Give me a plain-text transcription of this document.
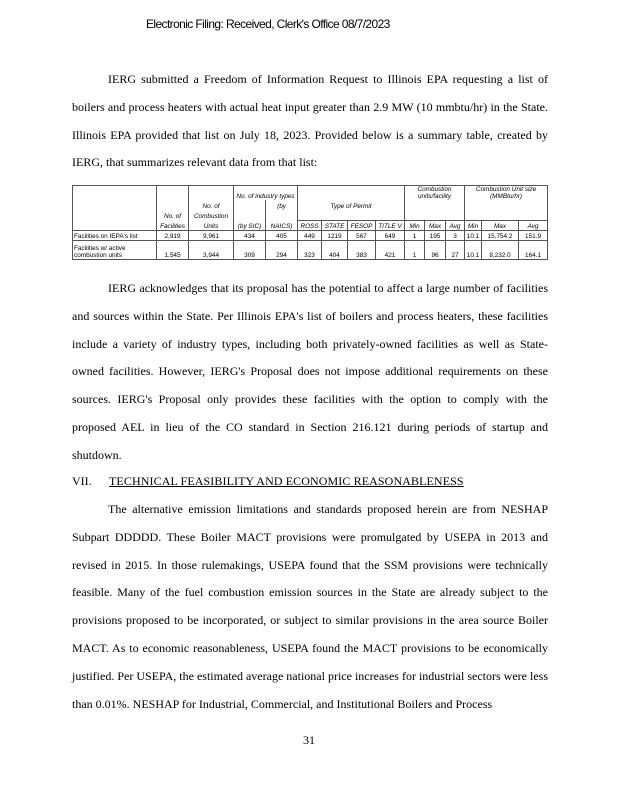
Electronic Filing: Received, Clerk's Office 08/7/2023

IERG submitted a Freedom of Information Request to Illinois EPA requesting a list of boilers and process heaters with actual heat input greater than 2.9 MW (10 mmbtu/hr) in the State. Illinois EPA provided that list on July 18, 2023. Provided below is a summary table, created by IERG, that summarizes relevant data from that list:

			No. of industry types						Combustion units/facility			Combustion Unit size (MMBtu/hr)		
		No. of		(by	Type of Permit									
	No. of	Combustion												
	Facilities	Units	(by SIC)	NAICS)	ROSS	STATE	FESOP	TITLE V	Min	Max	Avg	Min	Max	Avg
Facilities on IEPA's list	2,919	9,961	434	405	449	1219	567	649	1	195	3	10.1	15,754.2	151.9
Facilities w/ active
combustion units	1,545	3,944	309	294	323	404	383	421	1	96	27	10.1	8,232.0	164.1

IERG acknowledges that its proposal has the potential to affect a large number of facilities and sources within the State. Per Illinois EPA's list of boilers and process heaters, these facilities include a variety of industry types, including both privately-owned facilities as well as State-owned facilities. However, IERG's Proposal does not impose additional requirements on these sources. IERG's Proposal only provides these facilities with the option to comply with the proposed AEL in lieu of the CO standard in Section 216.121 during periods of startup and shutdown.

VII. TECHNICAL FEASIBILITY AND ECONOMIC REASONABLENESS

The alternative emission limitations and standards proposed herein are from NESHAP Subpart DDDDD. These Boiler MACT provisions were promulgated by USEPA in 2013 and revised in 2015. In those rulemakings, USEPA found that the SSM provisions were technically feasible. Many of the fuel combustion emission sources in the State are already subject to the provisions proposed to be incorporated, or subject to similar provisions in the area source Boiler MACT. As to economic reasonableness, USEPA found the MACT provisions to be economically justified. Per USEPA, the estimated average national price increases for industrial sectors were less than 0.01%. NESHAP for Industrial, Commercial, and Institutional Boilers and Process

31
